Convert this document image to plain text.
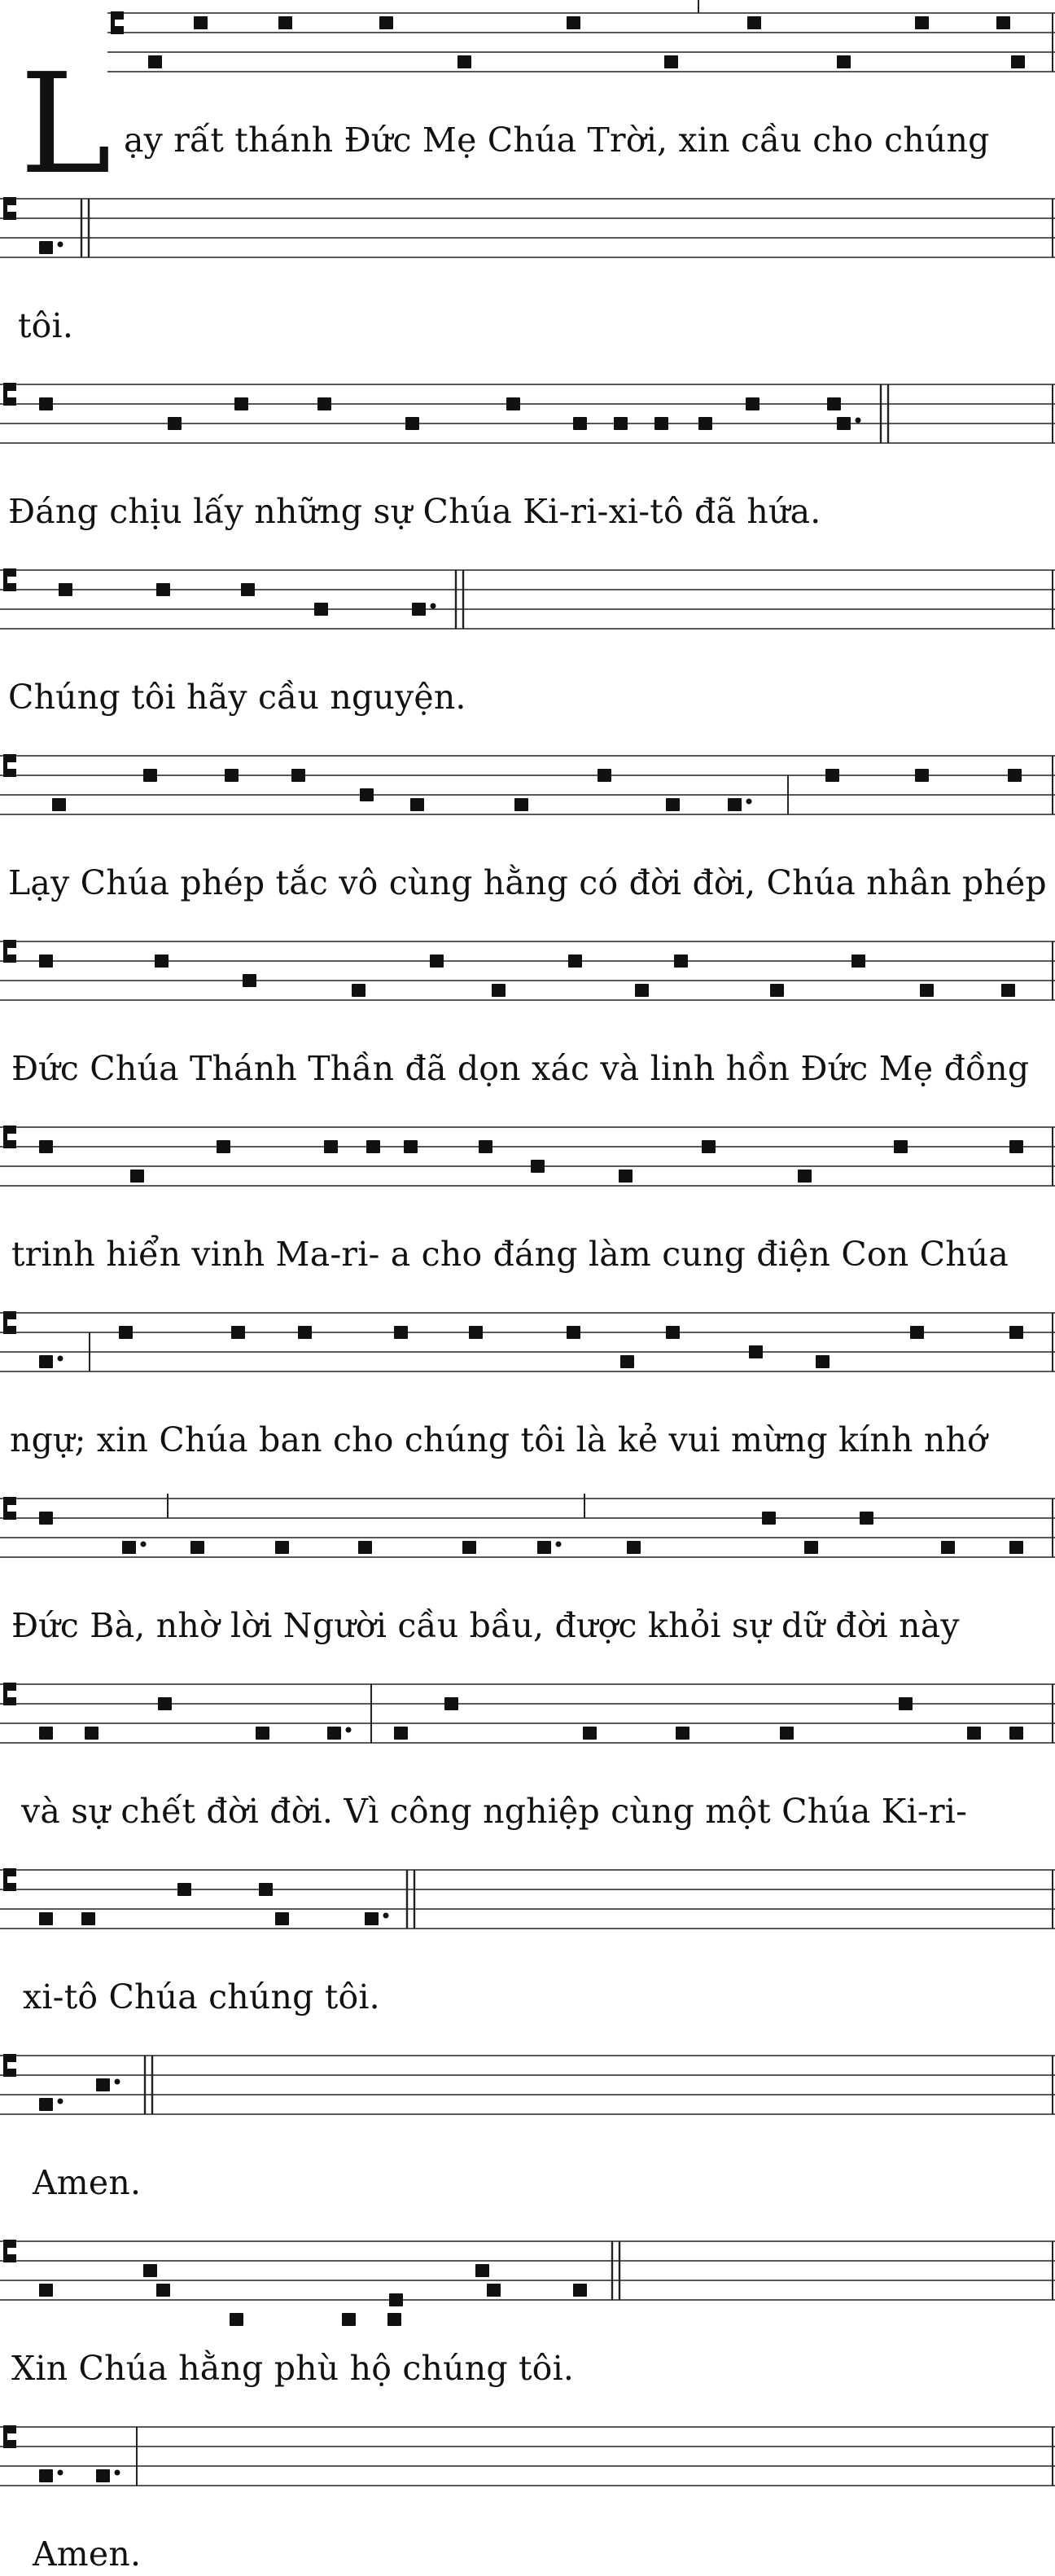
L ạy rất thánh Đức Mẹ Chúa Trời, xin cầu cho chúng
tôi.
Đáng chịu lấy những sự Chúa Ki-ri-xi-tô đã hứa.
Chúng tôi hãy cầu nguyện.
Lạy Chúa phép tắc vô cùng hằng có đời đời, Chúa nhân phép
Đức Chúa Thánh Thần đã dọn xác và linh hồn Đức Mẹ đồng
trinh hiển vinh Ma-ri- a cho đáng làm cung điện Con Chúa
ngự; xin Chúa ban cho chúng tôi là kẻ vui mừng kính nhớ
Đức Bà, nhờ lời Người cầu bầu, được khỏi sự dữ đời này
và sự chết đời đời. Vì công nghiệp cùng một Chúa Ki-ri-
xi-tô Chúa chúng tôi.
Amen.
Xin Chúa hằng phù hộ chúng tôi.
Amen.
